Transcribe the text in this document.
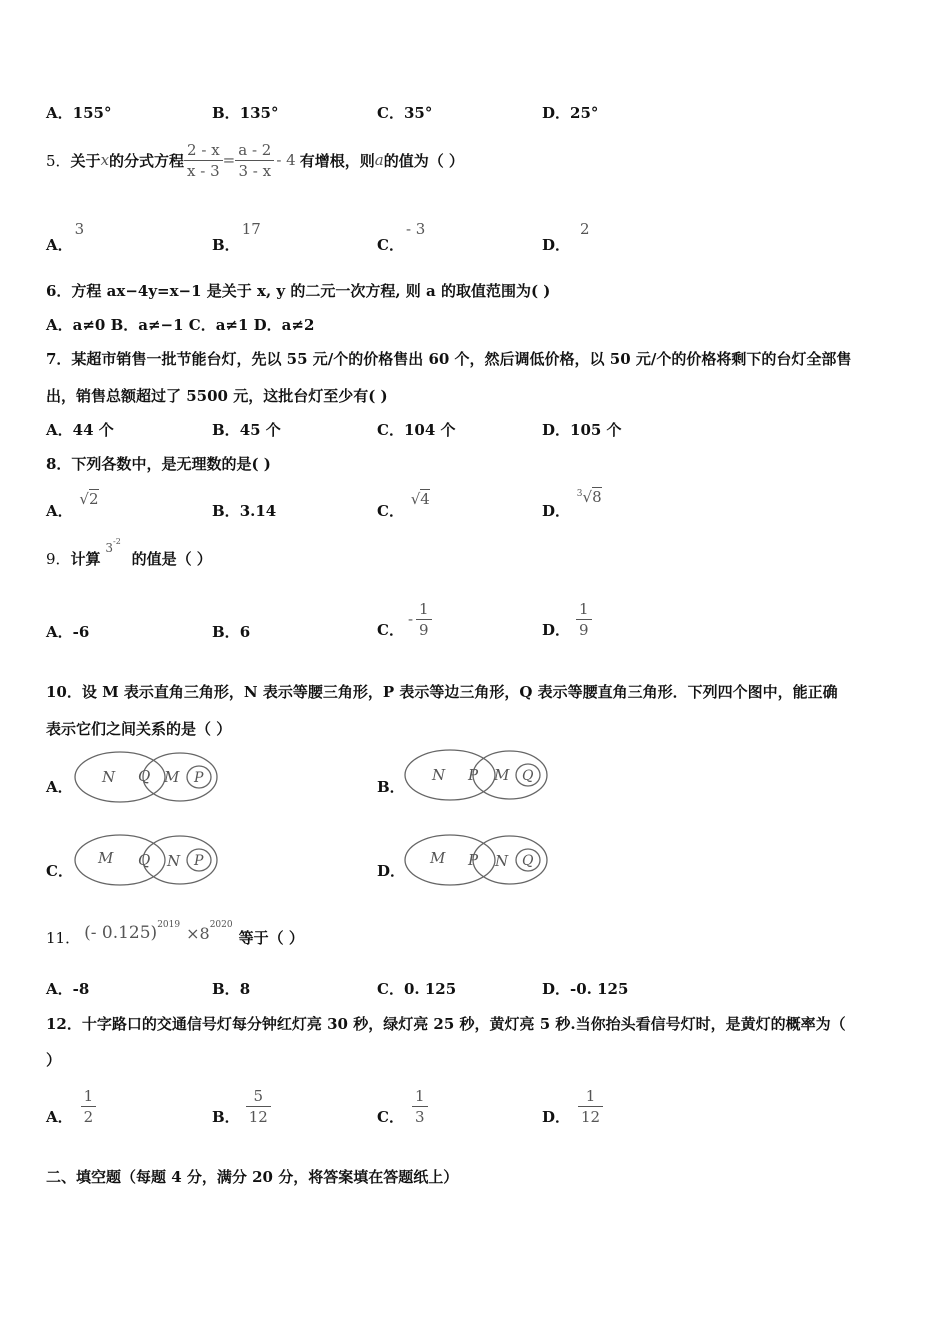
A．155°	B．135°	C．35°	D．25°
5． 关于 x 的分式方程 $\frac{2 - x}{x - 3} = \frac{a - 2}{3 - x} - 4$ 有增根，则 a 的值为（ ）
A．3
B．17
C．- 3
D．2
6．方程 ax−4y=x−1 是关于 x, y 的二元一次方程, 则 a 的取值范围为( )
A．a≠0 B．a≠−1 C．a≠1 D．a≠2
7．某超市销售一批节能台灯，先以 55 元/个的价格售出 60 个，然后调低价格，以 50 元/个的价格将剩下的台灯全部售
出，销售总额超过了 5500 元，这批台灯至少有( )
A．44 个	B．45 个	C．104 个	D．105 个
8．下列各数中，是无理数的是( )
A． √2
B．3.14	C． √4
D． $^3$√8
9．计算 $^{3-2}$ 的值是（ ）
A．-6	B．6	C．
- $\frac{1}{9}$	D． $\frac{1}{9}$
10．设 M 表示直角三角形，N 表示等腰三角形，P 表示等边三角形，Q 表示等腰直角三角形．下列四个图中，能正确
表示它们之间关系的是（ ）
A．
N Q M P	B．
N P M Q
C．
M Q N P
D．
M P N Q
11． (- $0.125)^{2019} \times 8^{2020}$
等于（ ）
A．-8	B．8	C．0. 125	D．-0. 125
12．十字路口的交通信号灯每分钟红灯亮 30 秒，绿灯亮 25 秒，黄灯亮 5 秒.当你抬头看信号灯时，是黄灯的概率为（
）
A． $\frac{1}{2}$	B． $\frac{5}{12}$	C． $\frac{1}{3}$	D． $\frac{1}{12}$
二、填空题（每题 4 分，满分 20 分，将答案填在答题纸上）
